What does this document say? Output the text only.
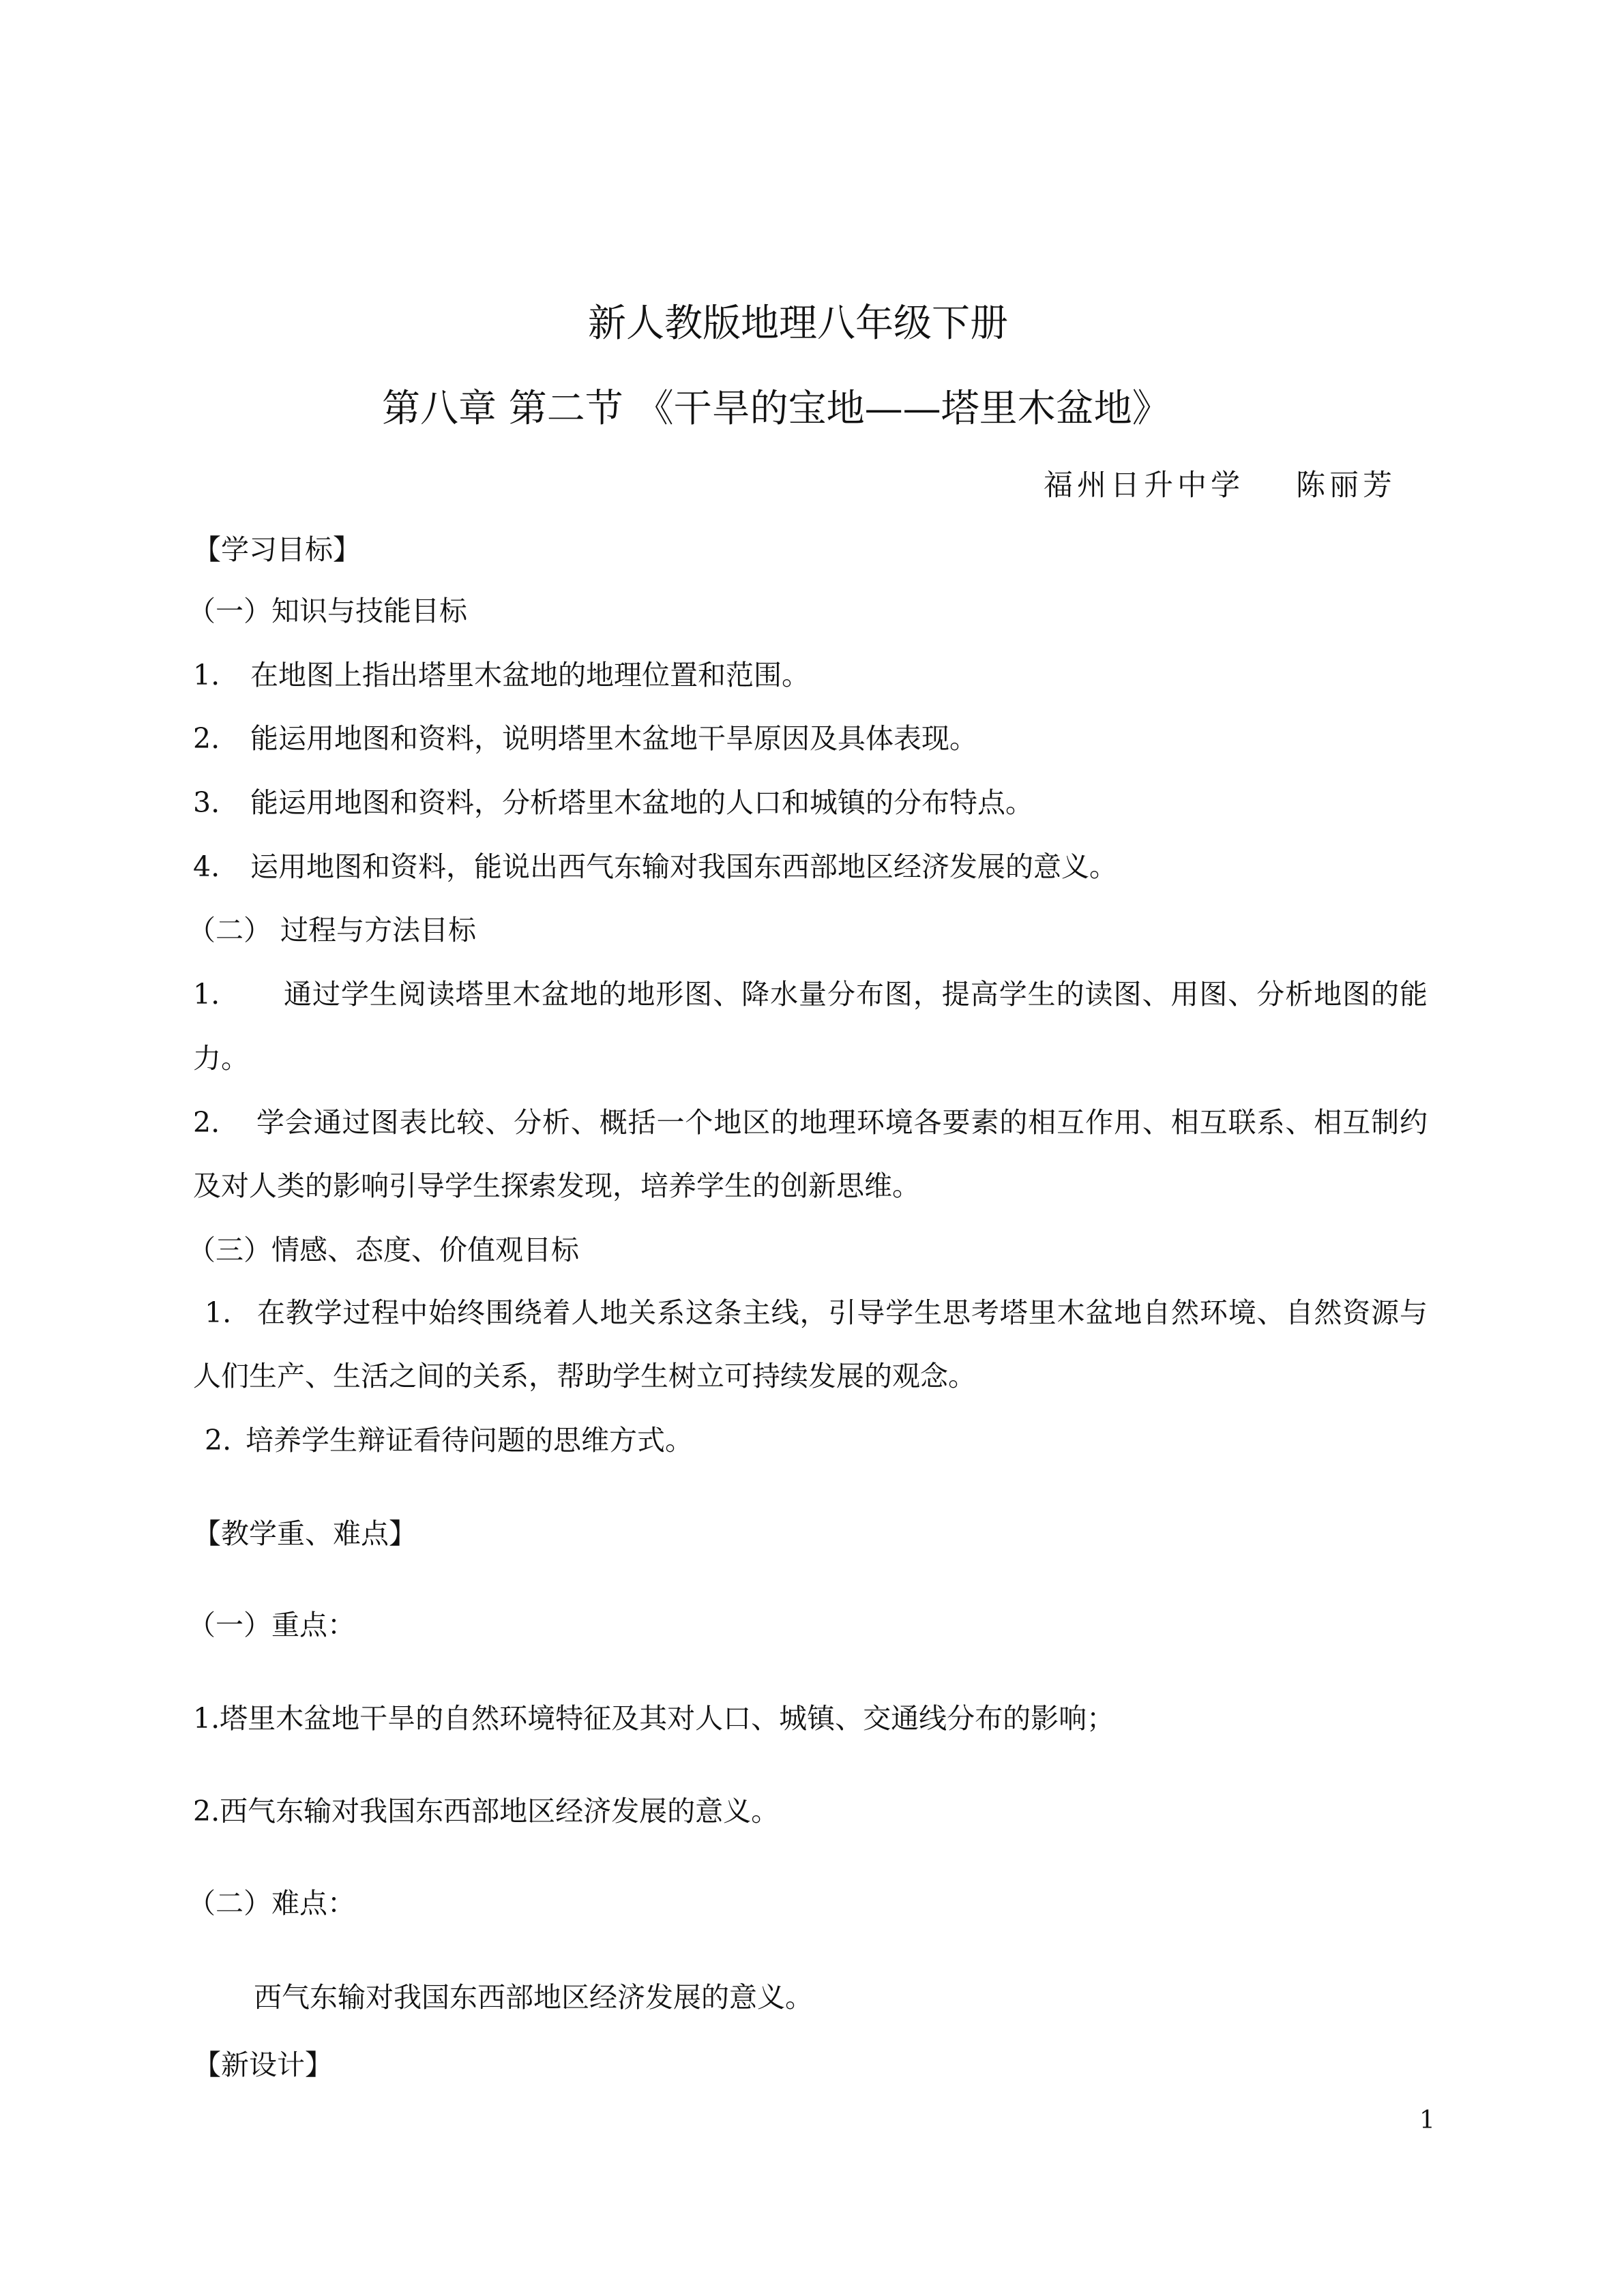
新人教版地理八年级下册
第八章 第二节 《干旱的宝地——塔里木盆地》
福州日升中学 陈丽芳
【学习目标】
（一）知识与技能目标
1. 在地图上指出塔里木盆地的地理位置和范围。
2. 能运用地图和资料，说明塔里木盆地干旱原因及具体表现。
3. 能运用地图和资料，分析塔里木盆地的人口和城镇的分布特点。
4. 运用地图和资料，能说出西气东输对我国东西部地区经济发展的意义。
（二） 过程与方法目标
1. 通过学生阅读塔里木盆地的地形图、降水量分布图，提高学生的读图、用图、分析地图的能
力。
2. 学会通过图表比较、分析、概括一个地区的地理环境各要素的相互作用、相互联系、相互制约
及对人类的影响引导学生探索发现，培养学生的创新思维。
（三）情感、态度、价值观目标
1. 在教学过程中始终围绕着人地关系这条主线，引导学生思考塔里木盆地自然环境、自然资源与
人们生产、生活之间的关系，帮助学生树立可持续发展的观念。
2. 培养学生辩证看待问题的思维方式。
【教学重、难点】
（一）重点：
1.塔里木盆地干旱的自然环境特征及其对人口、城镇、交通线分布的影响；
2.西气东输对我国东西部地区经济发展的意义。
（二）难点：
西气东输对我国东西部地区经济发展的意义。
【新设计】
1
